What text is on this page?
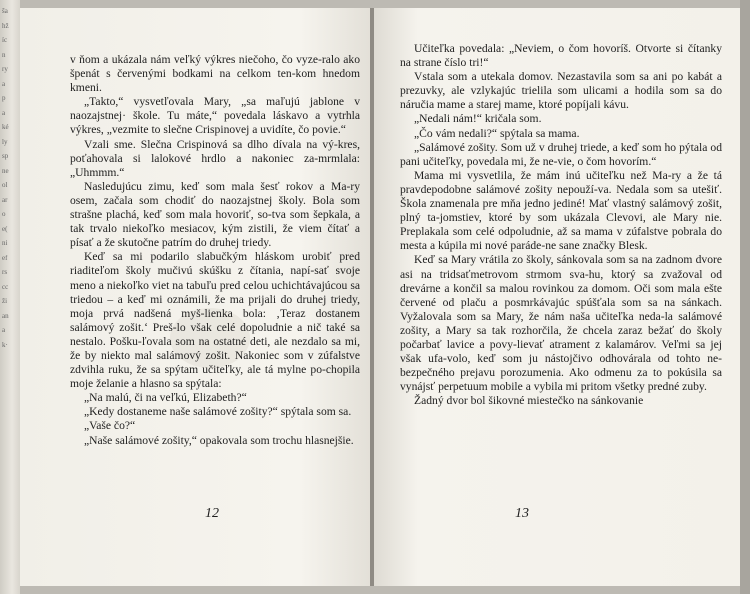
ša
hž
íc
n
ry
a
p
a
ké
ly
sp
ne
ol
ar
o
e(
ni
ef
rs
cc
ži
an
a
k·

v ňom a ukázala nám veľký výkres niečoho, čo vyze-ralo ako špenát s červenými bodkami na celkom ten-kom hnedom kmeni.

„Takto,“ vysvetľovala Mary, „sa maľujú jablone v naozajstnej· škole. Tu máte,“ povedala láskavo a vytrhla výkres, „vezmite to slečne Crispinovej a uvidíte, čo povie.“

Vzali sme. Slečna Crispinová sa dlho dívala na vý-kres, poťahovala si lalokové hrdlo a nakoniec za-mrmlala: „Uhmmm.“

Nasledujúcu zimu, keď som mala šesť rokov a Ma-ry osem, začala som chodiť do naozajstnej školy. Bola som strašne plachá, keď som mala hovoriť, so-tva som šepkala, a tak trvalo niekoľko mesiacov, kým zistili, že viem čítať a písať a že skutočne patrím do druhej triedy.

Keď sa mi podarilo slabučkým hláskom urobiť pred riaditeľom školy mučivú skúšku z čítania, napí-sať svoje meno a niekoľko viet na tabuľu pred celou uchichtávajúcou sa triedou – a keď mi oznámili, že ma prijali do druhej triedy, moja prvá nadšená myš-lienka bola: ‚Teraz dostanem salámový zošit.‘ Preš-lo však celé dopoludnie a nič také sa nestalo. Pošku-ľovala som na ostatné deti, ale nezdalo sa mi, že by niekto mal salámový zošit. Nakoniec som v zúfalstve zdvihla ruku, že sa spýtam učiteľky, ale tá mylne po-chopila moje želanie a hlasno sa spýtala:

„Na malú, či na veľkú, Elizabeth?“

„Kedy dostaneme naše salámové zošity?“ spýtala som sa.

„Vaše čo?“

„Naše salámové zošity,“ opakovala som trochu hlasnejšie.

12

Učiteľka povedala: „Neviem, o čom hovoríš. Otvorte si čítanky na strane číslo tri!“

Vstala som a utekala domov. Nezastavila som sa ani po kabát a prezuvky, ale vzlykajúc trielila som ulicami a hodila som sa do náručia mame a starej mame, ktoré popíjali kávu.

„Nedali nám!“ kričala som.

„Čo vám nedali?“ spýtala sa mama.

„Salámové zošity. Som už v druhej triede, a keď som ho pýtala od pani učiteľky, povedala mi, že ne-vie, o čom hovorím.“

Mama mi vysvetlila, že mám inú učiteľku než Ma-ry a že tá pravdepodobne salámové zošity nepouží-va. Nedala som sa utešiť. Škola znamenala pre mňa jedno jediné! Mať vlastný salámový zošit, plný ta-jomstiev, ktoré by som ukázala Clevovi, ale Mary nie. Preplakala som celé odpoludnie, až sa mama v zúfalstve pobrala do mesta a kúpila mi nové paráde-ne sane značky Blesk.

Keď sa Mary vrátila zo školy, sánkovala som sa na zadnom dvore asi na tridsaťmetrovom strmom sva-hu, ktorý sa zvažoval od drevárne a končil sa malou rovinkou za domom. Oči som mala ešte červené od plaču a posmrkávajúc spúšťala som sa na sánkach. Vyžalovala som sa Mary, že nám naša učiteľka neda-la salámové zošity, a Mary sa tak rozhorčila, že chcela zaraz bežať do školy počarbať lavice a povy-lievať atrament z kalamárov. Veľmi sa jej však ufa-volo, keď som ju nástojčivo odhovárala od tohto ne-bezpečného prejavu porozumenia. Ako odmenu za to pokúsila sa vynájsť perpetuum mobile a vybila mi pritom všetky predné zuby.

Žadný dvor bol šikovné miestečko na sánkovanie

13
